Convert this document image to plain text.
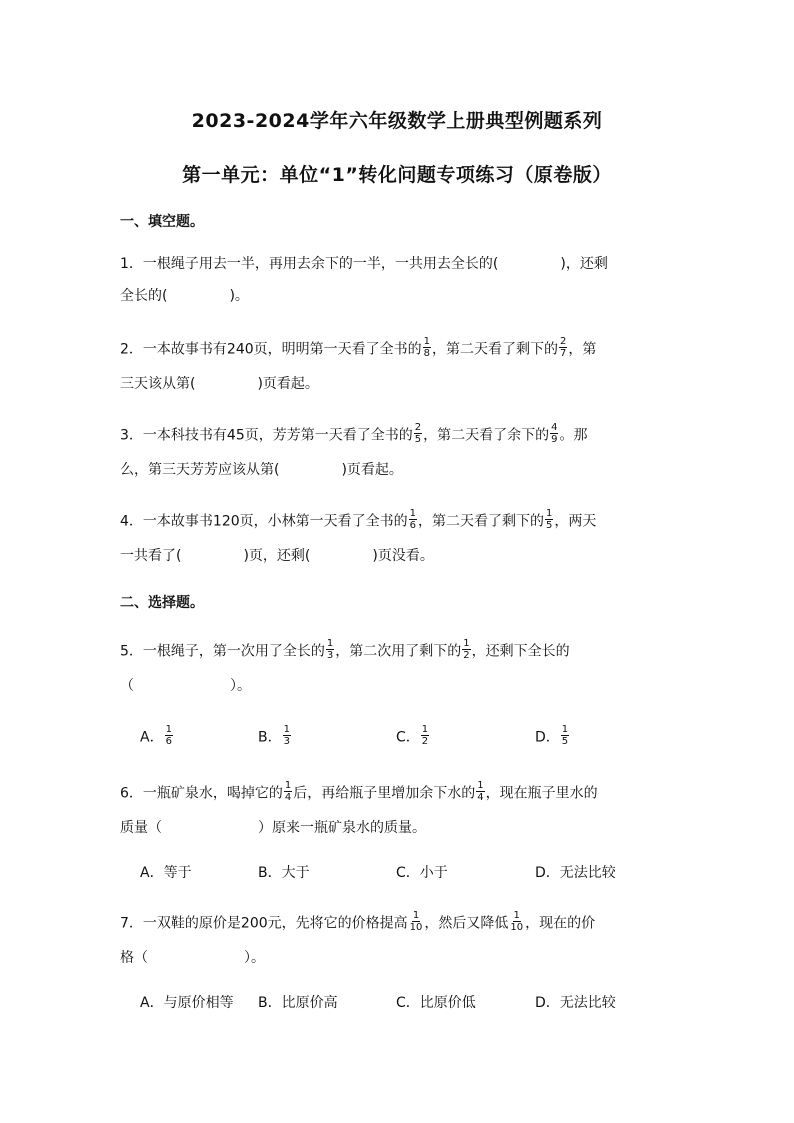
2023-2024学年六年级数学上册典型例题系列
第一单元：单位“1”转化问题专项练习（原卷版）
一、填空题。
1．一根绳子用去一半，再用去余下的一半，一共用去全长的(	)，还剩
全长的(	)。
2．一本故事书有240页，明明第一天看了全书的 $\frac{1}{8}$ ，第二天看了剩下的 $\frac{2}{7}$ ，第
三天该从第(	)页看起。
3．一本科技书有45页，芳芳第一天看了全书的 $\frac{2}{5}$ ，第二天看了余下的 $\frac{4}{9}$ 。那
么，第三天芳芳应该从第(	)页看起。
4．一本故事书120页，小林第一天看了全书的 $\frac{1}{6}$ ，第二天看了剩下的 $\frac{1}{5}$ ，两天
一共看了(	)页，还剩(	)页没看。
二、选择题。
5．一根绳子，第一次用了全长的 $\frac{1}{3}$ ，第二次用了剩下的 $\frac{1}{2}$ ，还剩下全长的
（	）。
A． $\frac{1}{6}$	B． $\frac{1}{3}$	C． $\frac{1}{2}$	D． $\frac{1}{5}$
6．一瓶矿泉水，喝掉它的 $\frac{1}{4}$ 后，再给瓶子里增加余下水的 $\frac{1}{4}$ ，现在瓶子里水的
质量（	）原来一瓶矿泉水的质量。
A．等于	B．大于	C．小于	D．无法比较
7．一双鞋的原价是200元，先将它的价格提高 $\frac{1}{10}$ ，然后又降低 $\frac{1}{10}$ ，现在的价
格（	）。
A．与原价相等 B．比原价高	C．比原价低	D．无法比较
